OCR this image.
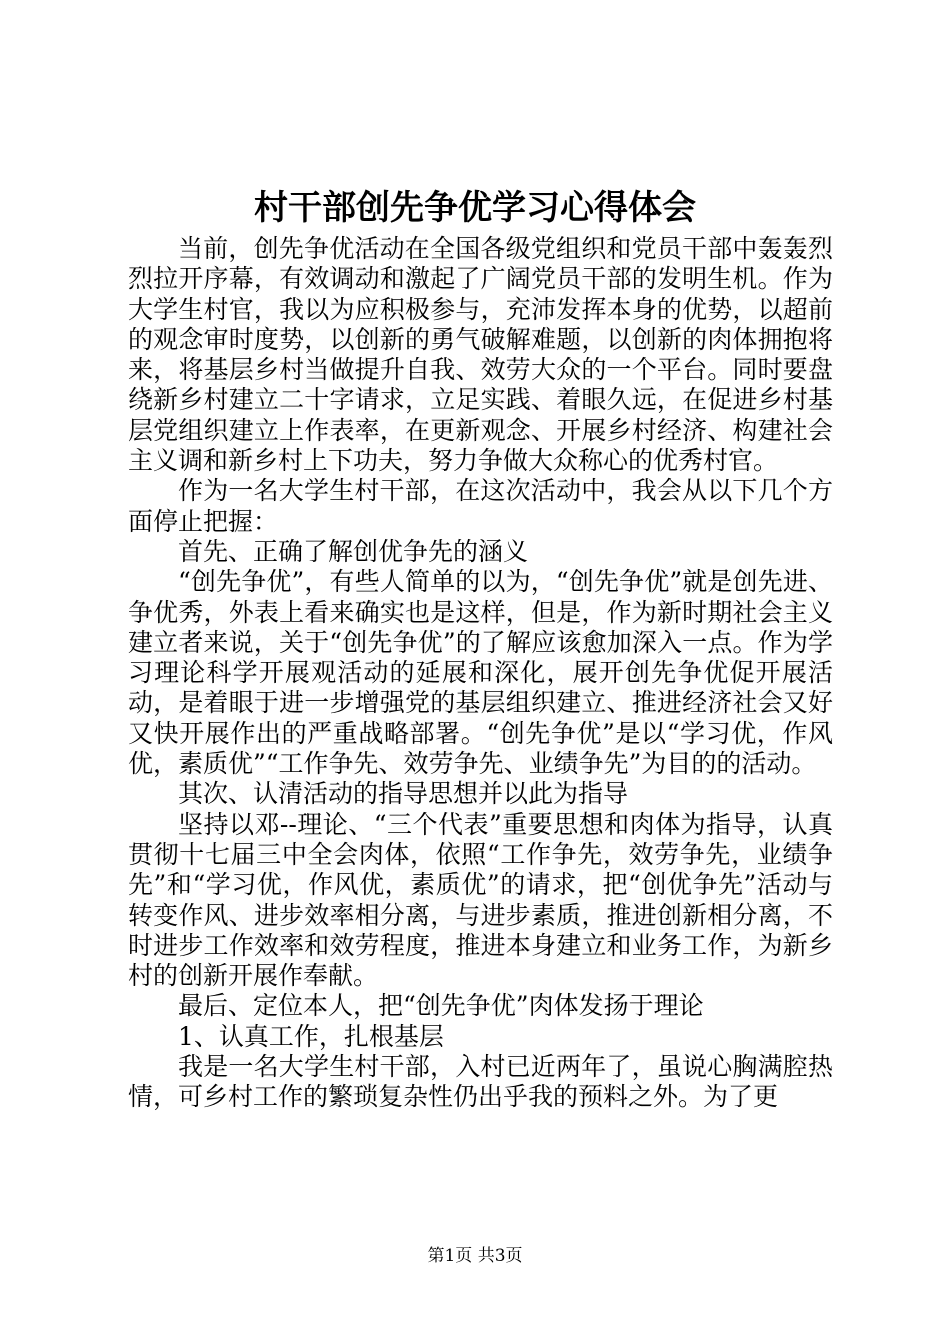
村干部创先争优学习心得体会

当前，创先争优活动在全国各级党组织和党员干部中轰轰烈烈拉开序幕，有效调动和激起了广阔党员干部的发明生机。作为大学生村官，我以为应积极参与，充沛发挥本身的优势，以超前的观念审时度势，以创新的勇气破解难题，以创新的肉体拥抱将来，将基层乡村当做提升自我、效劳大众的一个平台。同时要盘绕新乡村建立二十字请求，立足实践、着眼久远，在促进乡村基层党组织建立上作表率，在更新观念、开展乡村经济、构建社会主义调和新乡村上下功夫，努力争做大众称心的优秀村官。

作为一名大学生村干部，在这次活动中，我会从以下几个方面停止把握：

首先、正确了解创优争先的涵义

“创先争优”，有些人简单的以为，“创先争优”就是创先进、争优秀，外表上看来确实也是这样，但是，作为新时期社会主义建立者来说，关于“创先争优”的了解应该愈加深入一点。作为学习理论科学开展观活动的延展和深化，展开创先争优促开展活动，是着眼于进一步增强党的基层组织建立、推进经济社会又好又快开展作出的严重战略部署。“创先争优”是以“学习优，作风优，素质优”“工作争先、效劳争先、业绩争先”为目的的活动。

其次、认清活动的指导思想并以此为指导

坚持以邓--理论、“三个代表”重要思想和肉体为指导，认真贯彻十七届三中全会肉体，依照“工作争先，效劳争先，业绩争先”和“学习优，作风优，素质优”的请求，把“创优争先”活动与转变作风、进步效率相分离，与进步素质，推进创新相分离，不时进步工作效率和效劳程度，推进本身建立和业务工作，为新乡村的创新开展作奉献。

最后、定位本人，把“创先争优”肉体发扬于理论

1、认真工作，扎根基层

我是一名大学生村干部，入村已近两年了，虽说心胸满腔热情，可乡村工作的繁琐复杂性仍出乎我的预料之外。为了更

第1页 共3页
